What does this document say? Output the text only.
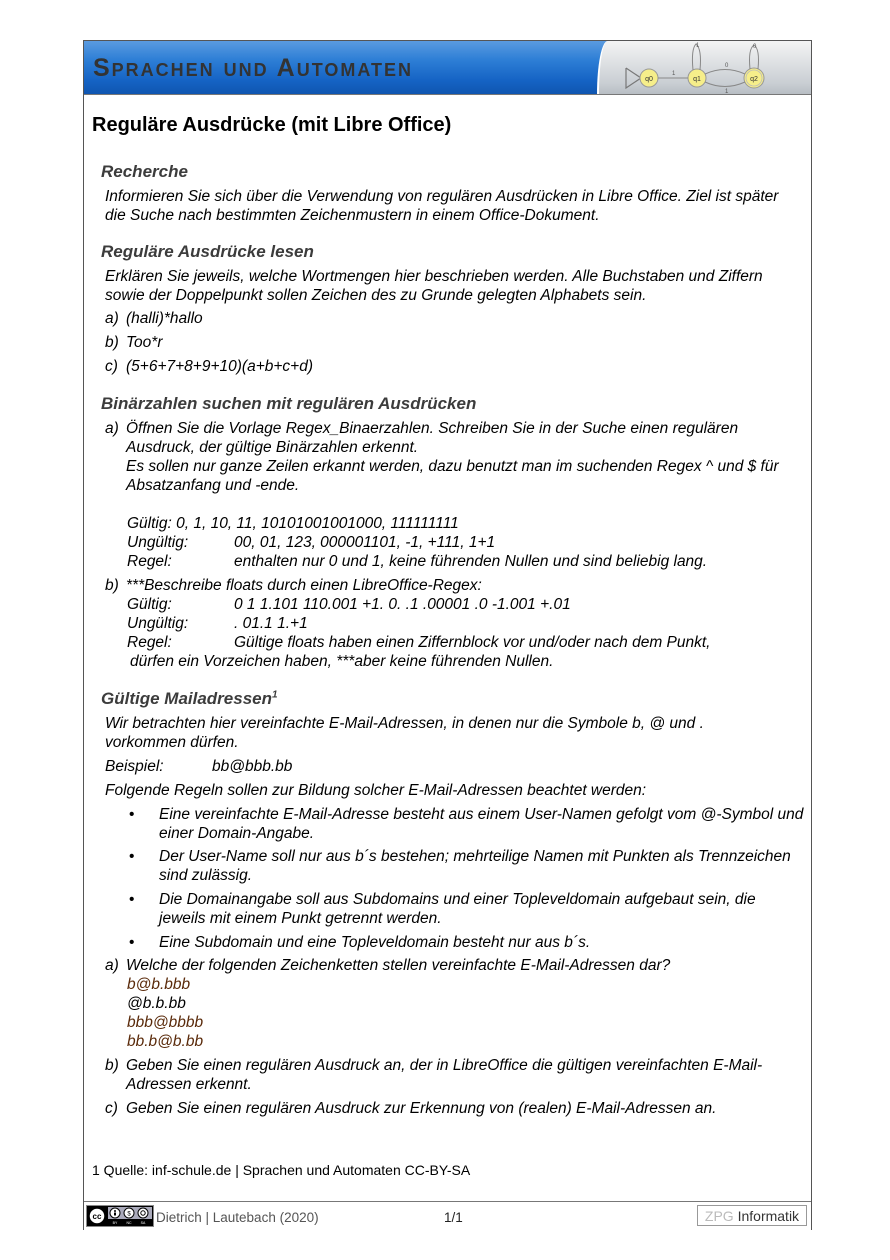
Sprachen und Automaten	q0	q1	q2
1
1
0
1
0
Reguläre Ausdrücke (mit Libre Office)
Recherche
Informieren Sie sich über die Verwendung von regulären Ausdrücken in Libre Office. Ziel ist später die Suche nach bestimmten Zeichenmustern in einem Office-Dokument.
Reguläre Ausdrücke lesen
Erklären Sie jeweils, welche Wortmengen hier beschrieben werden. Alle Buchstaben und Ziffern sowie der Doppelpunkt sollen Zeichen des zu Grunde gelegten Alphabets sein.
a) (halli)*hallo
b) Too*r
c) (5+6+7+8+9+10)(a+b+c+d)
Binärzahlen suchen mit regulären Ausdrücken
a) Öffnen Sie die Vorlage Regex_Binaerzahlen. Schreiben Sie in der Suche einen regulären Ausdruck, der gültige Binärzahlen erkennt.
Es sollen nur ganze Zeilen erkannt werden, dazu benutzt man im suchenden Regex ^ und $ für Absatzanfang und -ende.
Gültig: 0, 1, 10, 11, 10101001001000, 111111111
Ungültig:	00, 01, 123, 000001101, -1, +111, 1+1
Regel:	enthalten nur 0 und 1, keine führenden Nullen und sind beliebig lang.
b) ***Beschreibe floats durch einen LibreOffice-Regex:
Gültig:	0 1 1.101 110.001 +1. 0. .1 .00001 .0 -1.001 +.01
Ungültig:	. 01.1 1.+1
Regel:	Gültige floats haben einen Ziffernblock vor und/oder nach dem Punkt,
dürfen ein Vorzeichen haben, ***aber keine führenden Nullen.
Gültige Mailadressen$^1$
Wir betrachten hier vereinfachte E-Mail-Adressen, in denen nur die Symbole b, @ und . vorkommen dürfen.
Beispiel:	bb@bbb.bb
Folgende Regeln sollen zur Bildung solcher E-Mail-Adressen beachtet werden:
• Eine vereinfachte E-Mail-Adresse besteht aus einem User-Namen gefolgt vom @-Symbol und einer Domain-Angabe.
• Der User-Name soll nur aus b´s bestehen; mehrteilige Namen mit Punkten als Trennzeichen sind zulässig.
• Die Domainangabe soll aus Subdomains und einer Topleveldomain aufgebaut sein, die jeweils mit einem Punkt getrennt werden.
• Eine Subdomain und eine Topleveldomain besteht nur aus b´s.
a) Welche der folgenden Zeichenketten stellen vereinfachte E-Mail-Adressen dar?
b@b.bbb
@b.b.bb
bbb@bbbb
bb.b@b.bb
b) Geben Sie einen regulären Ausdruck an, der in LibreOffice die gültigen vereinfachten E-Mail-Adressen erkennt.
c) Geben Sie einen regulären Ausdruck zur Erkennung von (realen) E-Mail-Adressen an.
1 Quelle: inf-schule.de | Sprachen und Automaten CC-BY-SA
cc	$
BY	NC	SA Dietrich | Lautebach (2020)	1/1	ZPG Informatik
